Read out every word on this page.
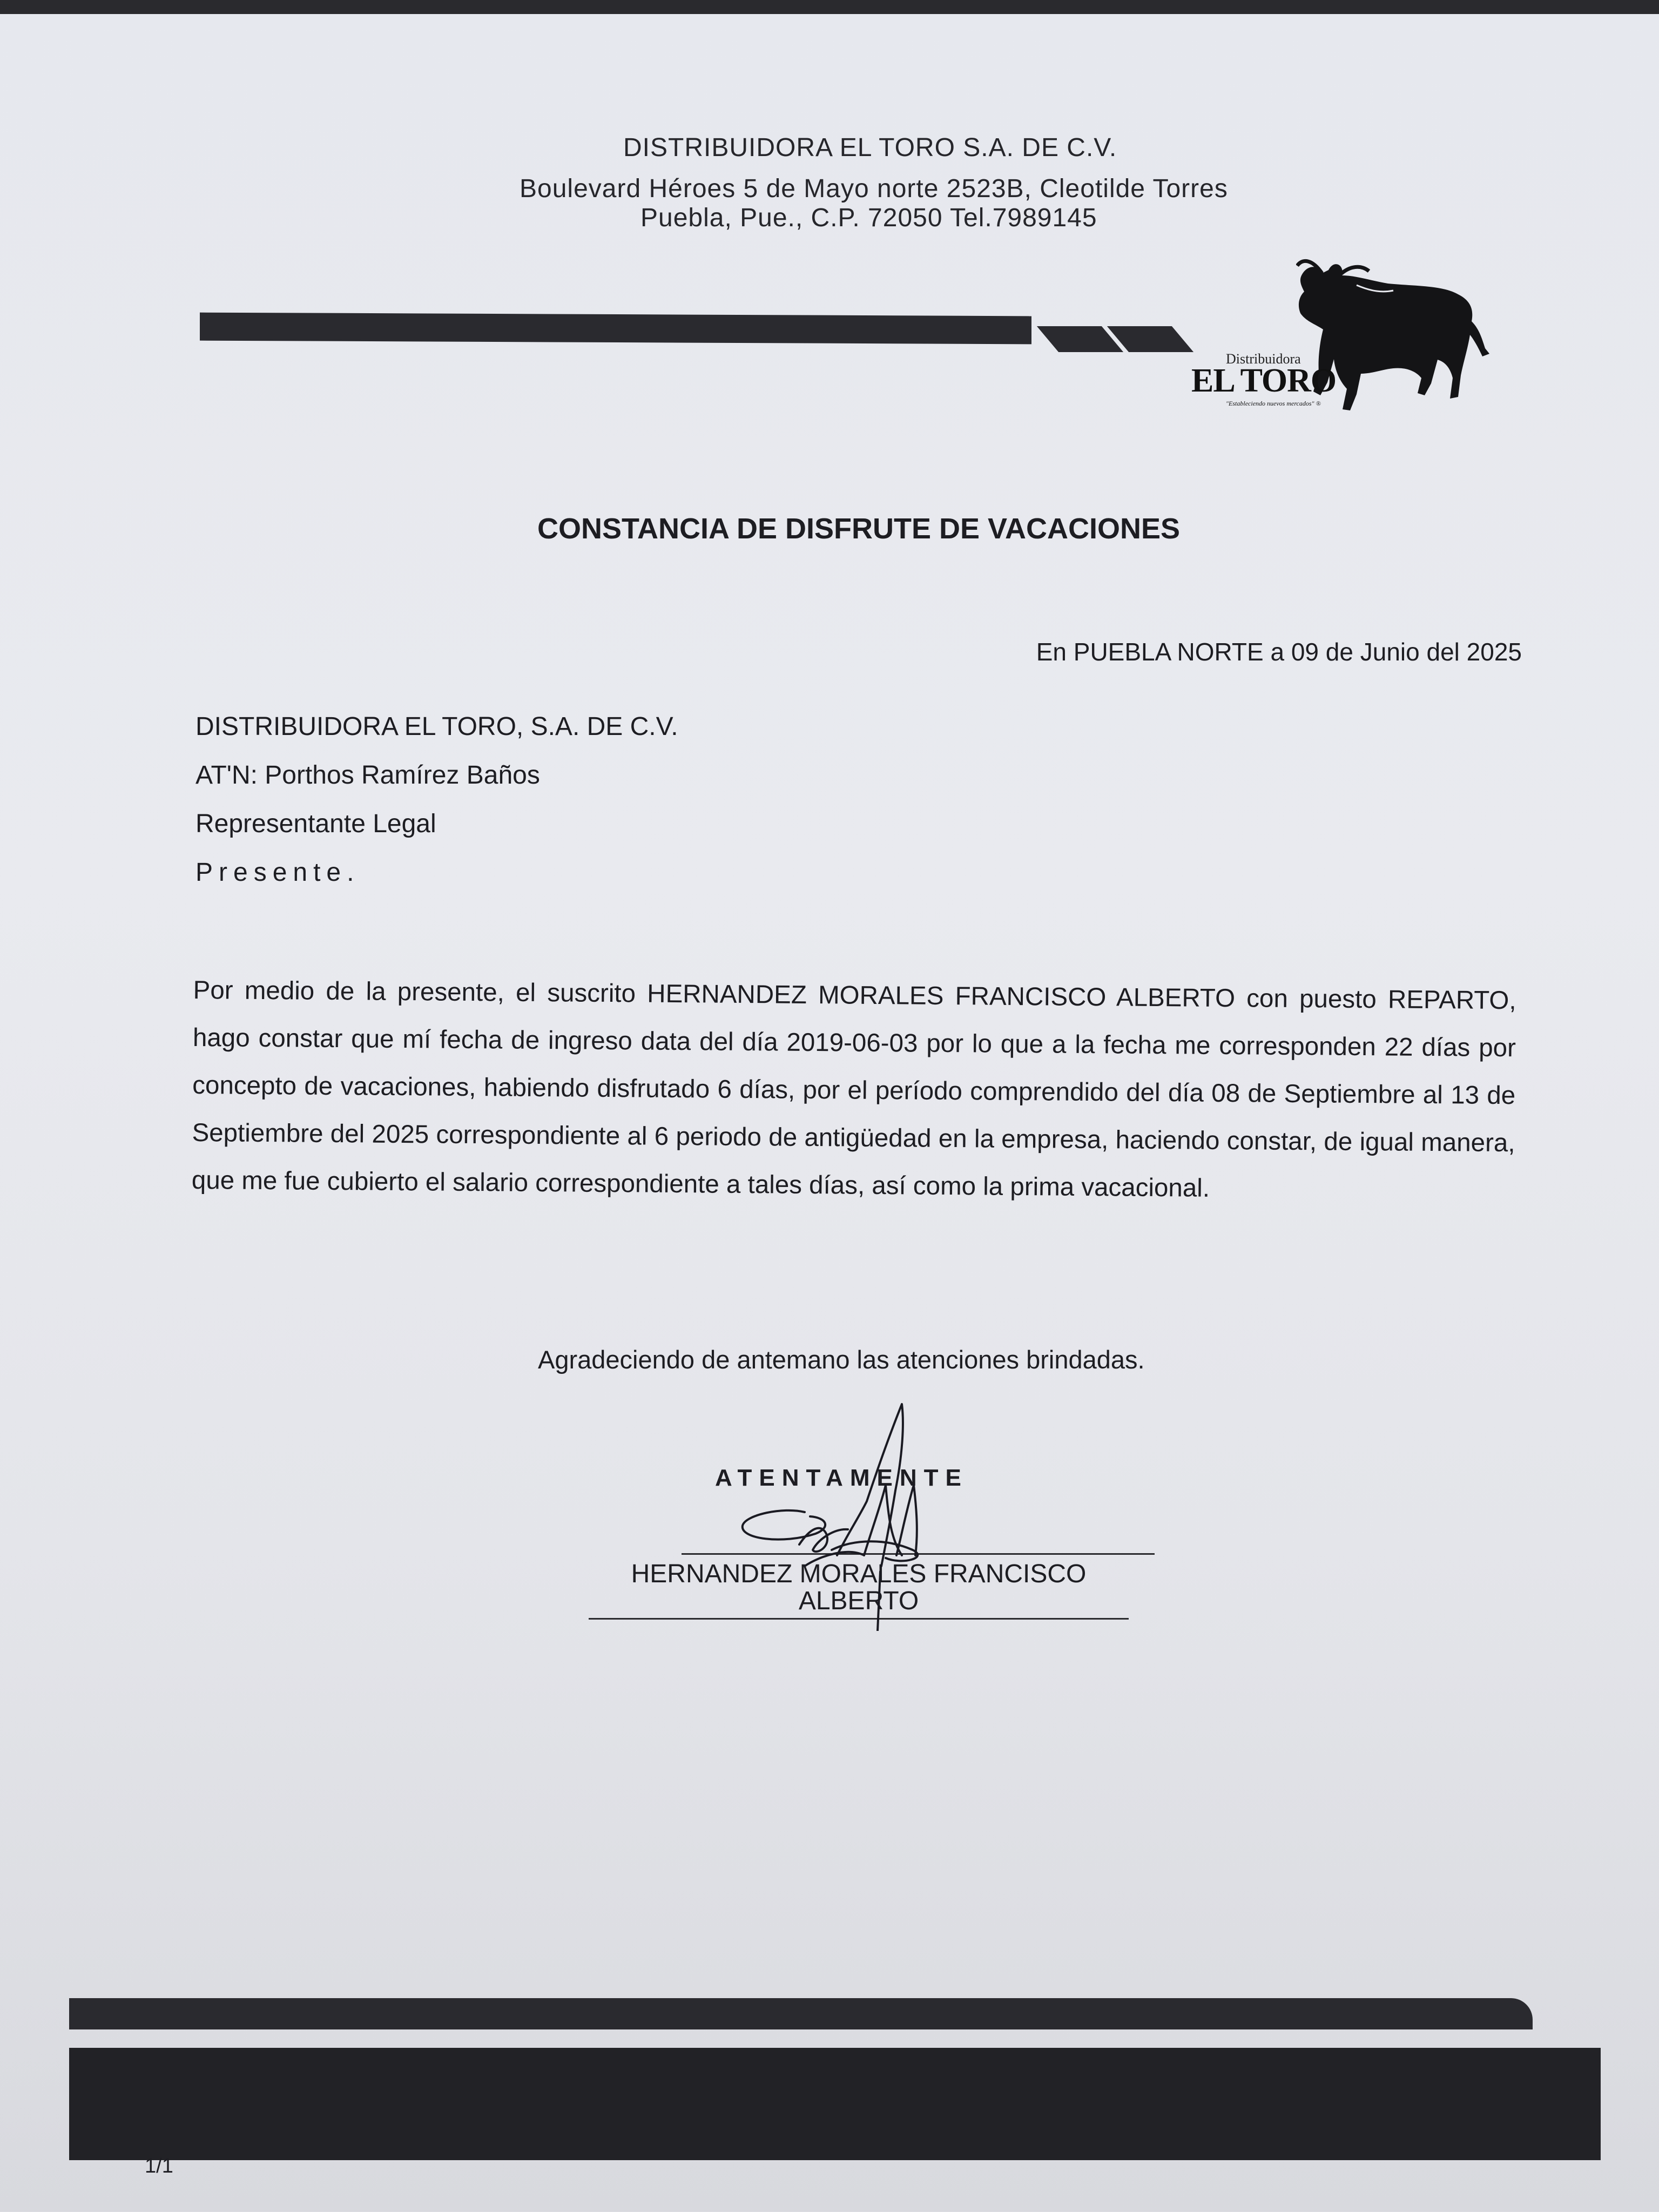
DISTRIBUIDORA EL TORO S.A. DE C.V.
Boulevard Héroes 5 de Mayo norte 2523B, Cleotilde Torres
Puebla, Pue., C.P. 72050 Tel.7989145
Distribuidora
EL TORO
"Estableciendo nuevos mercados" ®
CONSTANCIA DE DISFRUTE DE VACACIONES
En PUEBLA NORTE a 09 de Junio del 2025
DISTRIBUIDORA EL TORO, S.A. DE C.V.
AT'N: Porthos Ramírez Baños
Representante Legal
Presente.
Por medio de la presente, el suscrito HERNANDEZ MORALES FRANCISCO ALBERTO con puesto REPARTO, hago constar que mí fecha de ingreso data del día 2019-06-03 por lo que a la fecha me corresponden 22 días por concepto de vacaciones, habiendo disfrutado 6 días, por el período comprendido del día 08 de Septiembre al 13 de Septiembre del 2025 correspondiente al 6 periodo de antigüedad en la empresa, haciendo constar, de igual manera, que me fue cubierto el salario correspondiente a tales días, así como la prima vacacional.
Agradeciendo de antemano las atenciones brindadas.
ATENTAMENTE
HERNANDEZ MORALES FRANCISCO
ALBERTO
1/1
